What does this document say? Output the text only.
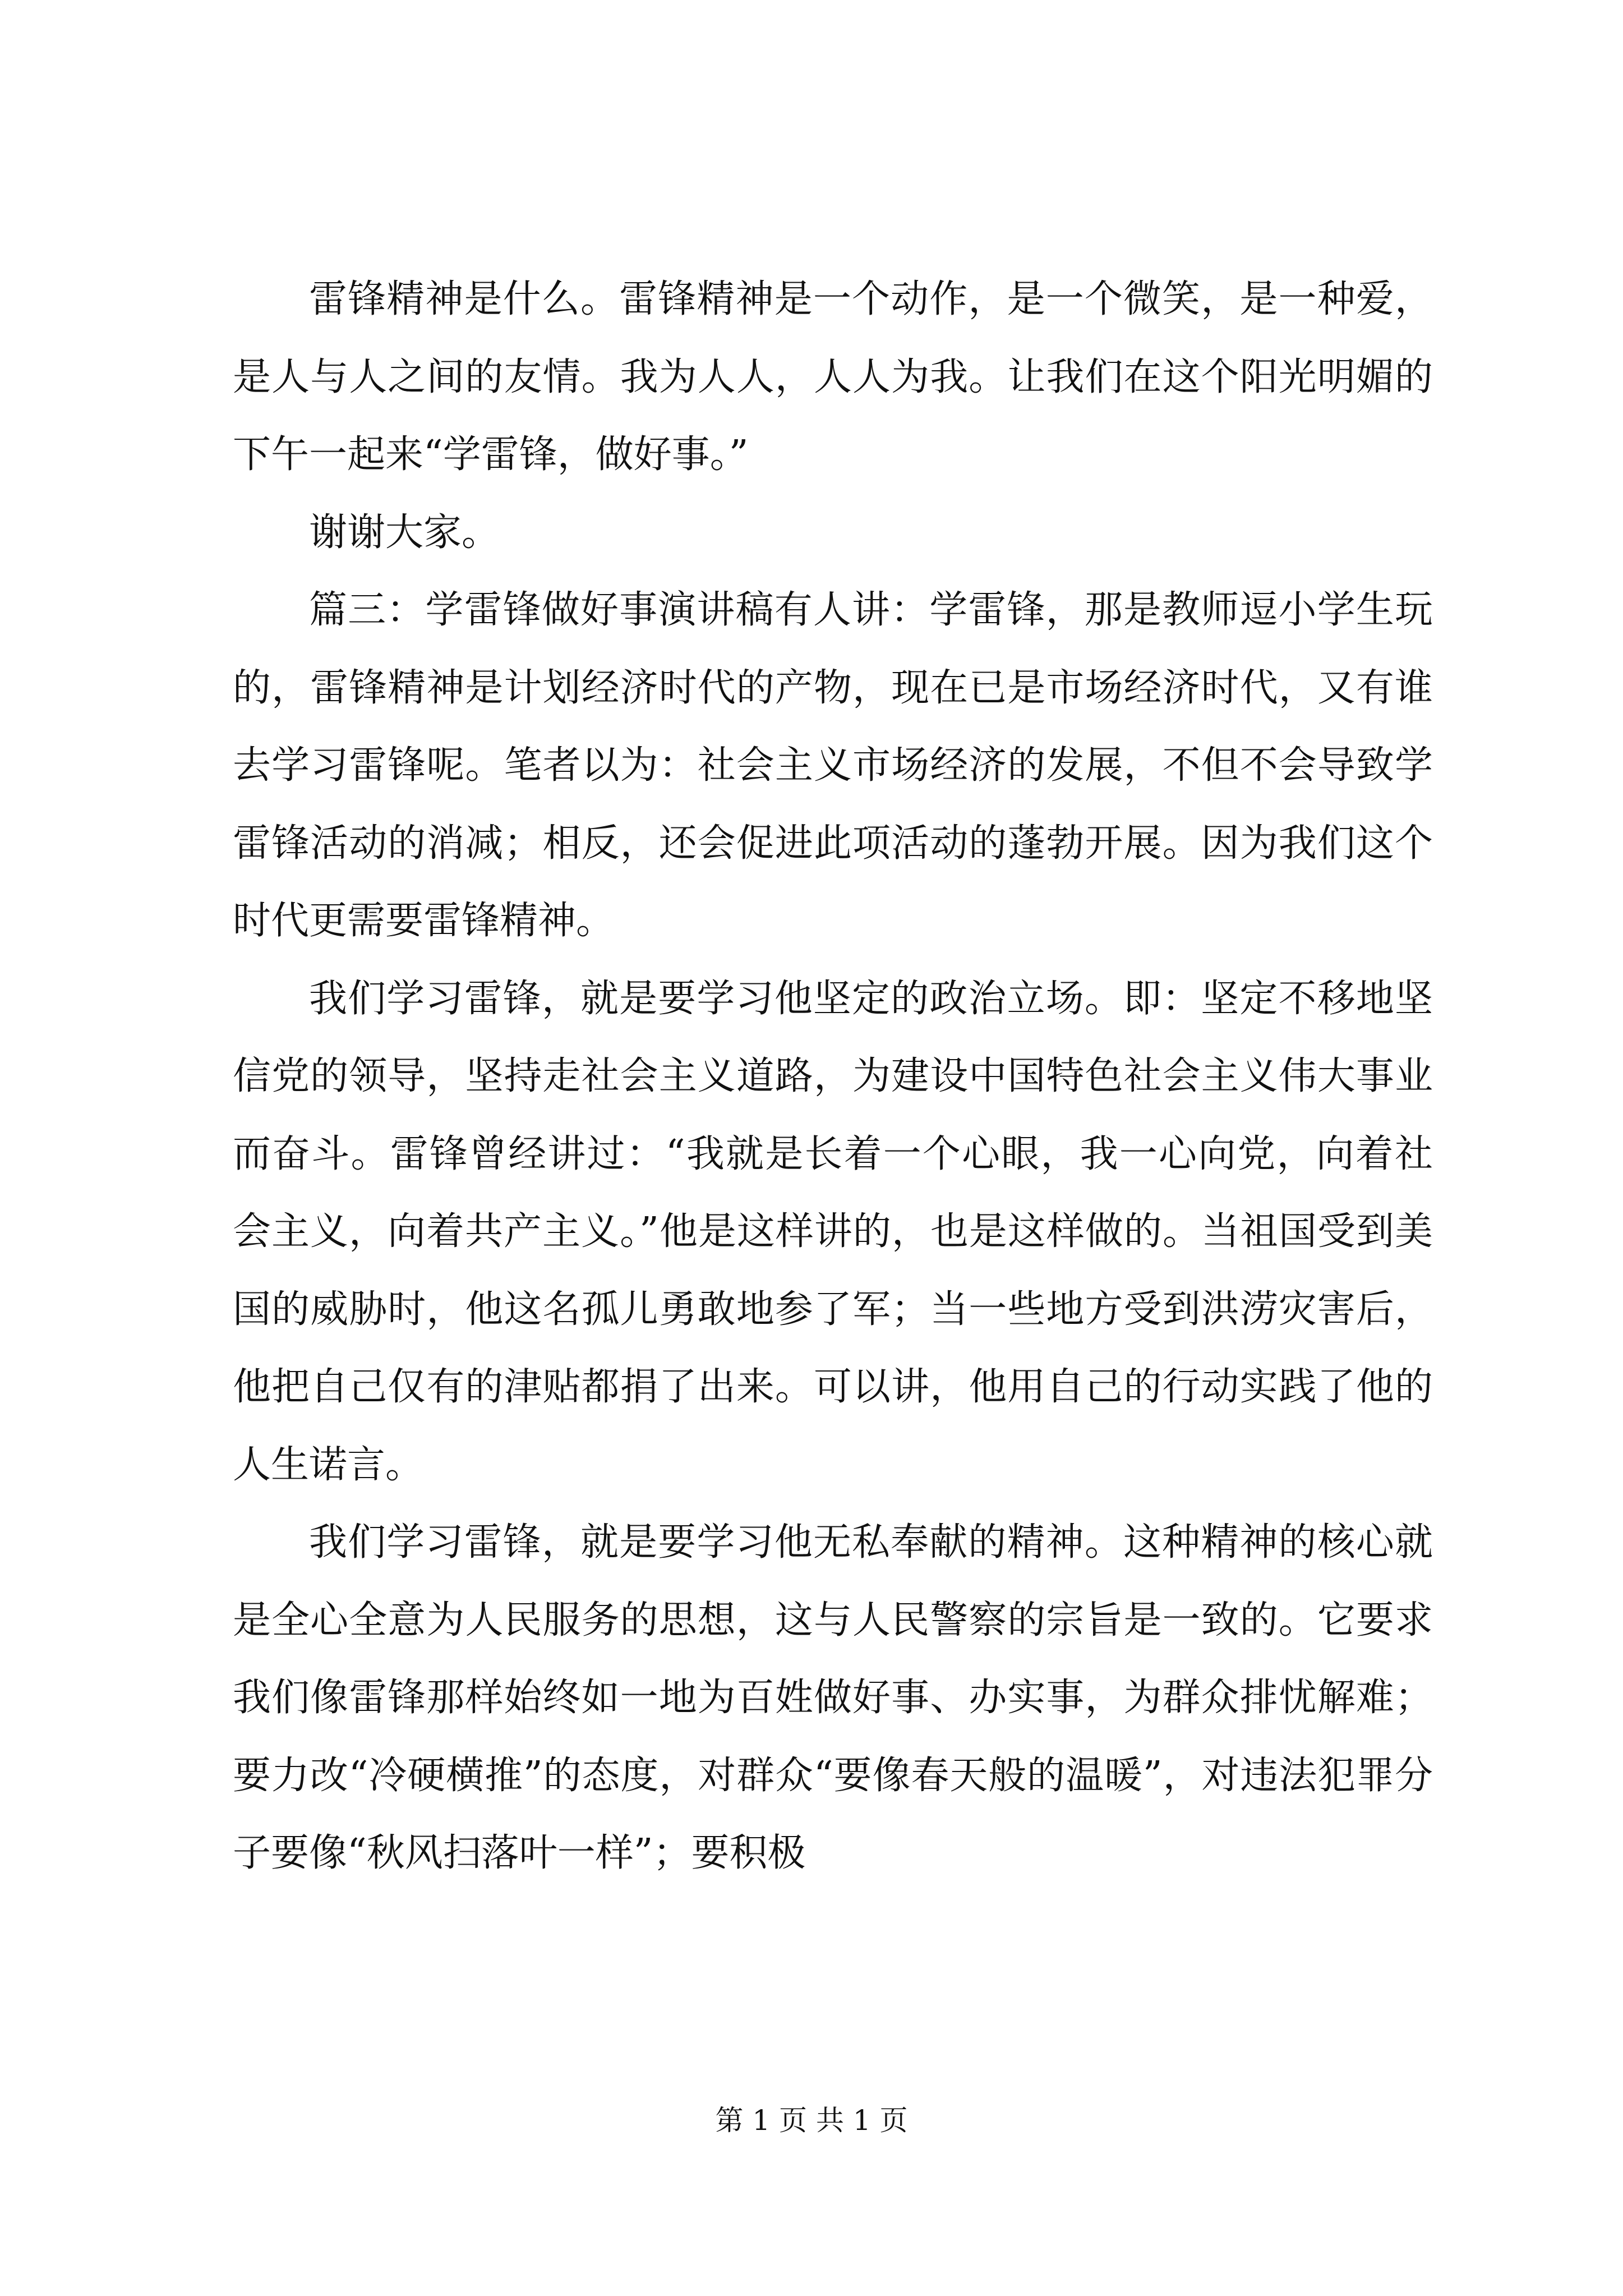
雷锋精神是什么。雷锋精神是一个动作，是一个微笑，是一种爱，是人与人之间的友情。我为人人，人人为我。让我们在这个阳光明媚的下午一起来“学雷锋，做好事。”

谢谢大家。

篇三：学雷锋做好事演讲稿有人讲：学雷锋，那是教师逗小学生玩的，雷锋精神是计划经济时代的产物，现在已是市场经济时代，又有谁去学习雷锋呢。笔者以为：社会主义市场经济的发展，不但不会导致学雷锋活动的消减；相反，还会促进此项活动的蓬勃开展。因为我们这个时代更需要雷锋精神。

我们学习雷锋，就是要学习他坚定的政治立场。即：坚定不移地坚信党的领导，坚持走社会主义道路，为建设中国特色社会主义伟大事业而奋斗。雷锋曾经讲过：“我就是长着一个心眼，我一心向党，向着社会主义，向着共产主义。”他是这样讲的，也是这样做的。当祖国受到美国的威胁时，他这名孤儿勇敢地参了军；当一些地方受到洪涝灾害后，他把自己仅有的津贴都捐了出来。可以讲，他用自己的行动实践了他的人生诺言。

我们学习雷锋，就是要学习他无私奉献的精神。这种精神的核心就是全心全意为人民服务的思想，这与人民警察的宗旨是一致的。它要求我们像雷锋那样始终如一地为百姓做好事、办实事，为群众排忧解难；要力改“冷硬横推”的态度，对群众“要像春天般的温暖”，对违法犯罪分子要像“秋风扫落叶一样”；要积极

第 1 页 共 1 页
